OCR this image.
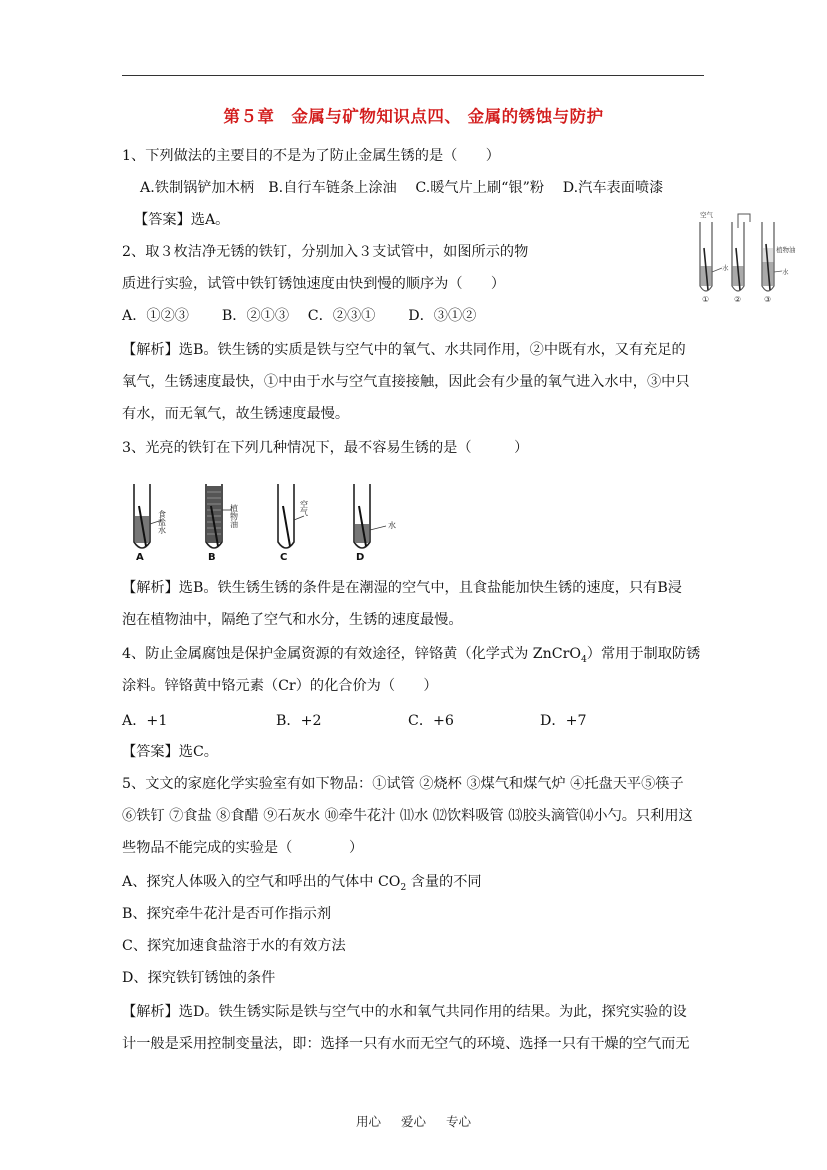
第５章　金属与矿物知识点四、 金属的锈蚀与防护
1、下列做法的主要目的不是为了防止金属生锈的是（　　）
A.铁制锅铲加木柄　B.自行车链条上涂油　 C.暖气片上刷“银”粉　 D.汽车表面喷漆
【答案】选A。
2、取３枚洁净无锈的铁钉，分别加入３支试管中，如图所示的物
质进行实验，试管中铁钉锈蚀速度由快到慢的顺序为（　　）
A．①②③　 　B．②①③　 C．②③①　 　D．③①②
【解析】选B。铁生锈的实质是铁与空气中的氧气、水共同作用，②中既有水，又有充足的
氧气，生锈速度最快，①中由于水与空气直接接触，因此会有少量的氧气进入水中，③中只
有水，而无氧气，故生锈速度最慢。
空气
植物油
水	水
①	②	③
3、光亮的铁钉在下列几种情况下，最不容易生锈的是（　　　）
食盐水
A
植物油
B
空气
C
水
D
【解析】选B。铁生锈生锈的条件是在潮湿的空气中，且食盐能加快生锈的速度，只有B浸
泡在植物油中，隔绝了空气和水分，生锈的速度最慢。
4、防止金属腐蚀是保护金属资源的有效途径，锌铬黄（化学式为 ZnCrO$_4$）常用于制取防锈
涂料。锌铬黄中铬元素（Cr）的化合价为（　　）
A．+1	B．+2	C．+6	D．+7
【答案】选C。
5、文文的家庭化学实验室有如下物品：①试管 ②烧杯 ③煤气和煤气炉 ④托盘天平⑤筷子
⑥铁钉 ⑦食盐 ⑧食醋 ⑨石灰水 ⑩牵牛花汁 ⑾水 ⑿饮料吸管 ⒀胶头滴管⒁小勺。只利用这
些物品不能完成的实验是（　　　　）
A、探究人体吸入的空气和呼出的气体中 $CO_2$ 含量的不同
B、探究牵牛花汁是否可作指示剂
C、探究加速食盐溶于水的有效方法
D、探究铁钉锈蚀的条件
【解析】选D。铁生锈实际是铁与空气中的水和氧气共同作用的结果。为此，探究实验的设
计一般是采用控制变量法，即：选择一只有水而无空气的环境、选择一只有干燥的空气而无
用心 爱心 专心
